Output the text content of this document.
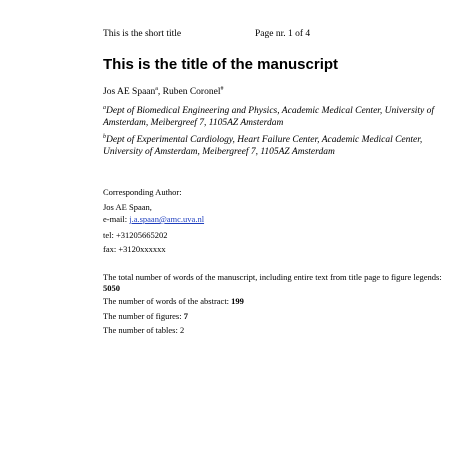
This is the short title	Page nr. 1 of 4
This is the title of the manuscript
Jos AE Spaan$^a$, Ruben Coronel#
$^a$Dept of Biomedical Engineering and Physics, Academic Medical Center, University of Amsterdam, Meibergreef 7, 1105AZ Amsterdam
$^b$Dept of Experimental Cardiology, Heart Failure Center, Academic Medical Center, University of Amsterdam, Meibergreef 7, 1105AZ Amsterdam
Corresponding Author:
Jos AE Spaan,
e-mail: j.a.spaan@amc.uva.nl
tel: +31205665202
fax: +3120xxxxxx
The total number of words of the manuscript, including entire text from title page to figure legends: 5050
The number of words of the abstract: 199
The number of figures: 7
The number of tables: 2
